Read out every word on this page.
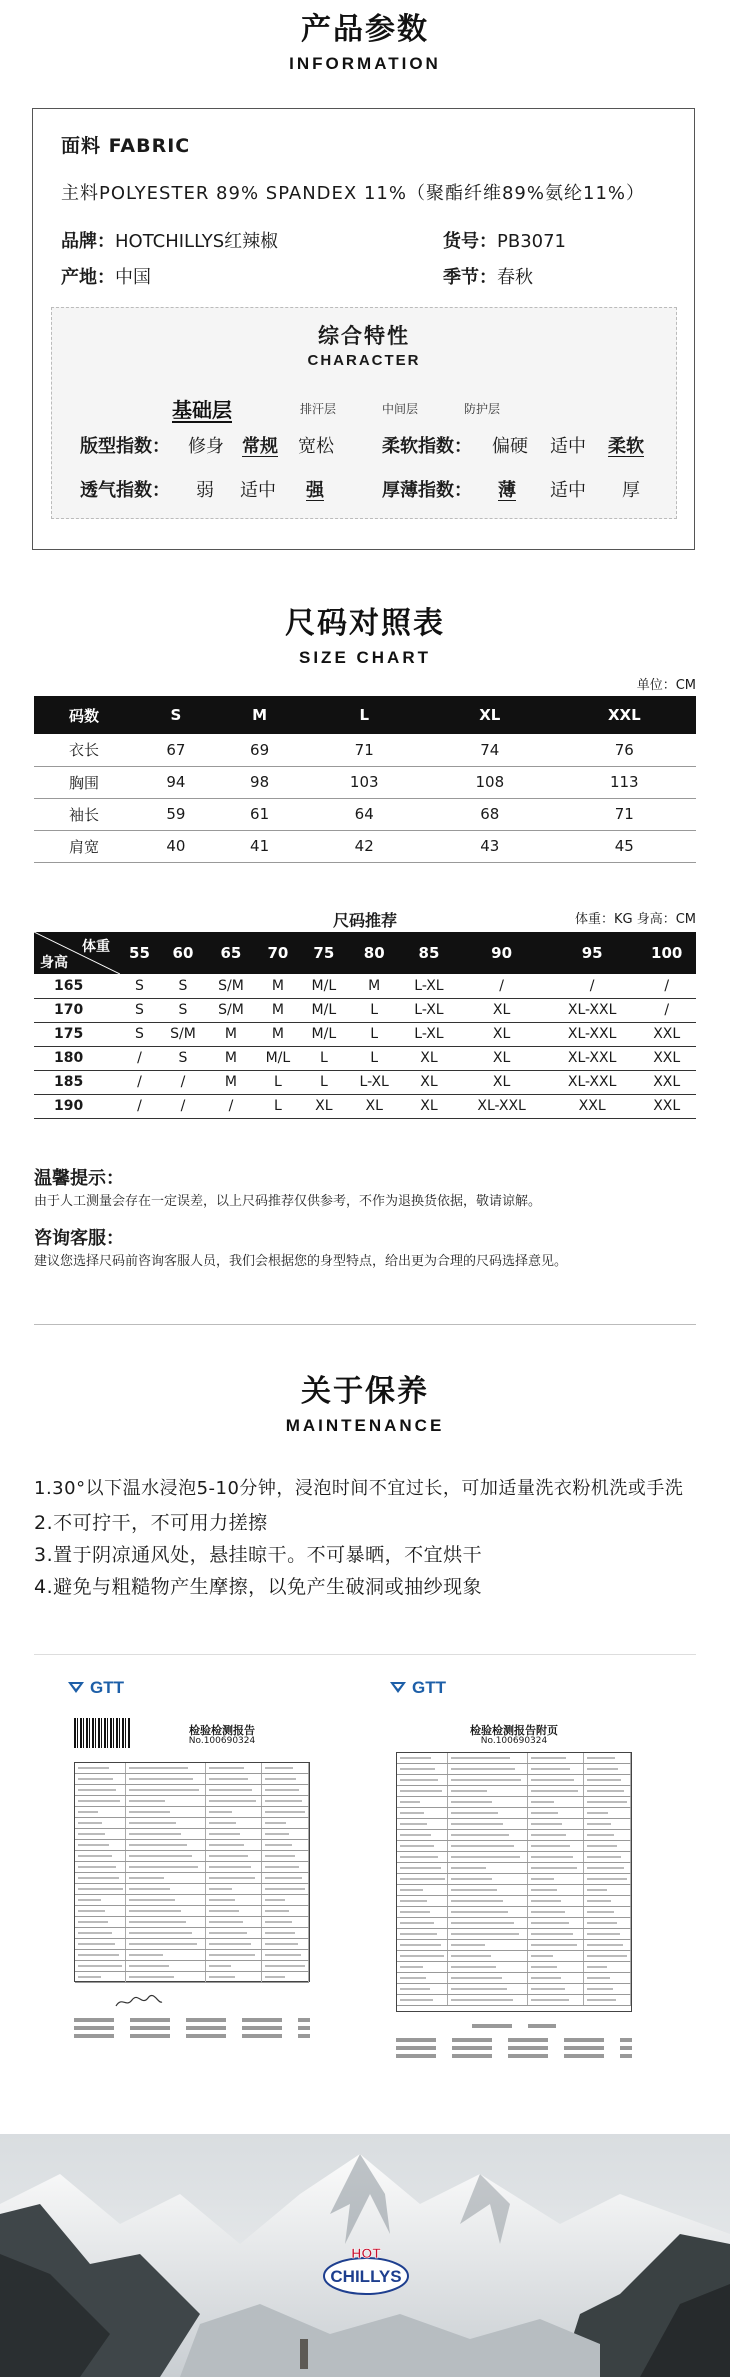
产品参数
INFORMATION
面料 FABRIC
主料POLYESTER 89% SPANDEX 11%（聚酯纤维89%氨纶11%）
品牌：HOTCHILLYS红辣椒	货号：PB3071
产地：中国	季节：春秋
综合特性
CHARACTER
基础层	排汗层	中间层	防护层
版型指数： 修身 常规 宽松	柔软指数： 偏硬 适中 柔软
透气指数： 弱 适中 强	厚薄指数： 薄 适中 厚
尺码对照表
SIZE CHART
单位：CM
码数	S	M	L	XL	XXL
衣长	67	69	71	74	76
胸围	94	98	103	108	113
袖长	59	61	64	68	71
肩宽	40	41	42	43	45
尺码推荐	体重：KG 身高：CM
体重
身高	55	60	65	70	75	80	85	90	95	100
165	S	S	S/M	M	M/L	M	L-XL	/	/	/
170	S	S	S/M	M	M/L	L	L-XL	XL	XL-XXL	/
175	S	S/M	M	M	M/L	L	L-XL	XL	XL-XXL	XXL
180	/	S	M	M/L	L	L	XL	XL	XL-XXL	XXL
185	/	/	M	L	L	L-XL	XL	XL	XL-XXL	XXL
190	/	/	/	L	XL	XL	XL	XL-XXL	XXL	XXL
温馨提示：
由于人工测量会存在一定误差，以上尺码推荐仅供参考，不作为退换货依据，敬请谅解。
咨询客服：
建议您选择尺码前咨询客服人员，我们会根据您的身型特点，给出更为合理的尺码选择意见。
关于保养
MAINTENANCE
1.30°以下温水浸泡5-10分钟，浸泡时间不宜过长，可加适量洗衣粉机洗或手洗
2.不可拧干，不可用力搓擦
3.置于阴凉通风处，悬挂晾干。不可暴晒，不宜烘干
4.避免与粗糙物产生摩擦，以免产生破洞或抽纱现象
GTT
检验检测报告
No.100690324
GTT
检验检测报告附页
No.100690324
HOT
CHILLYS
